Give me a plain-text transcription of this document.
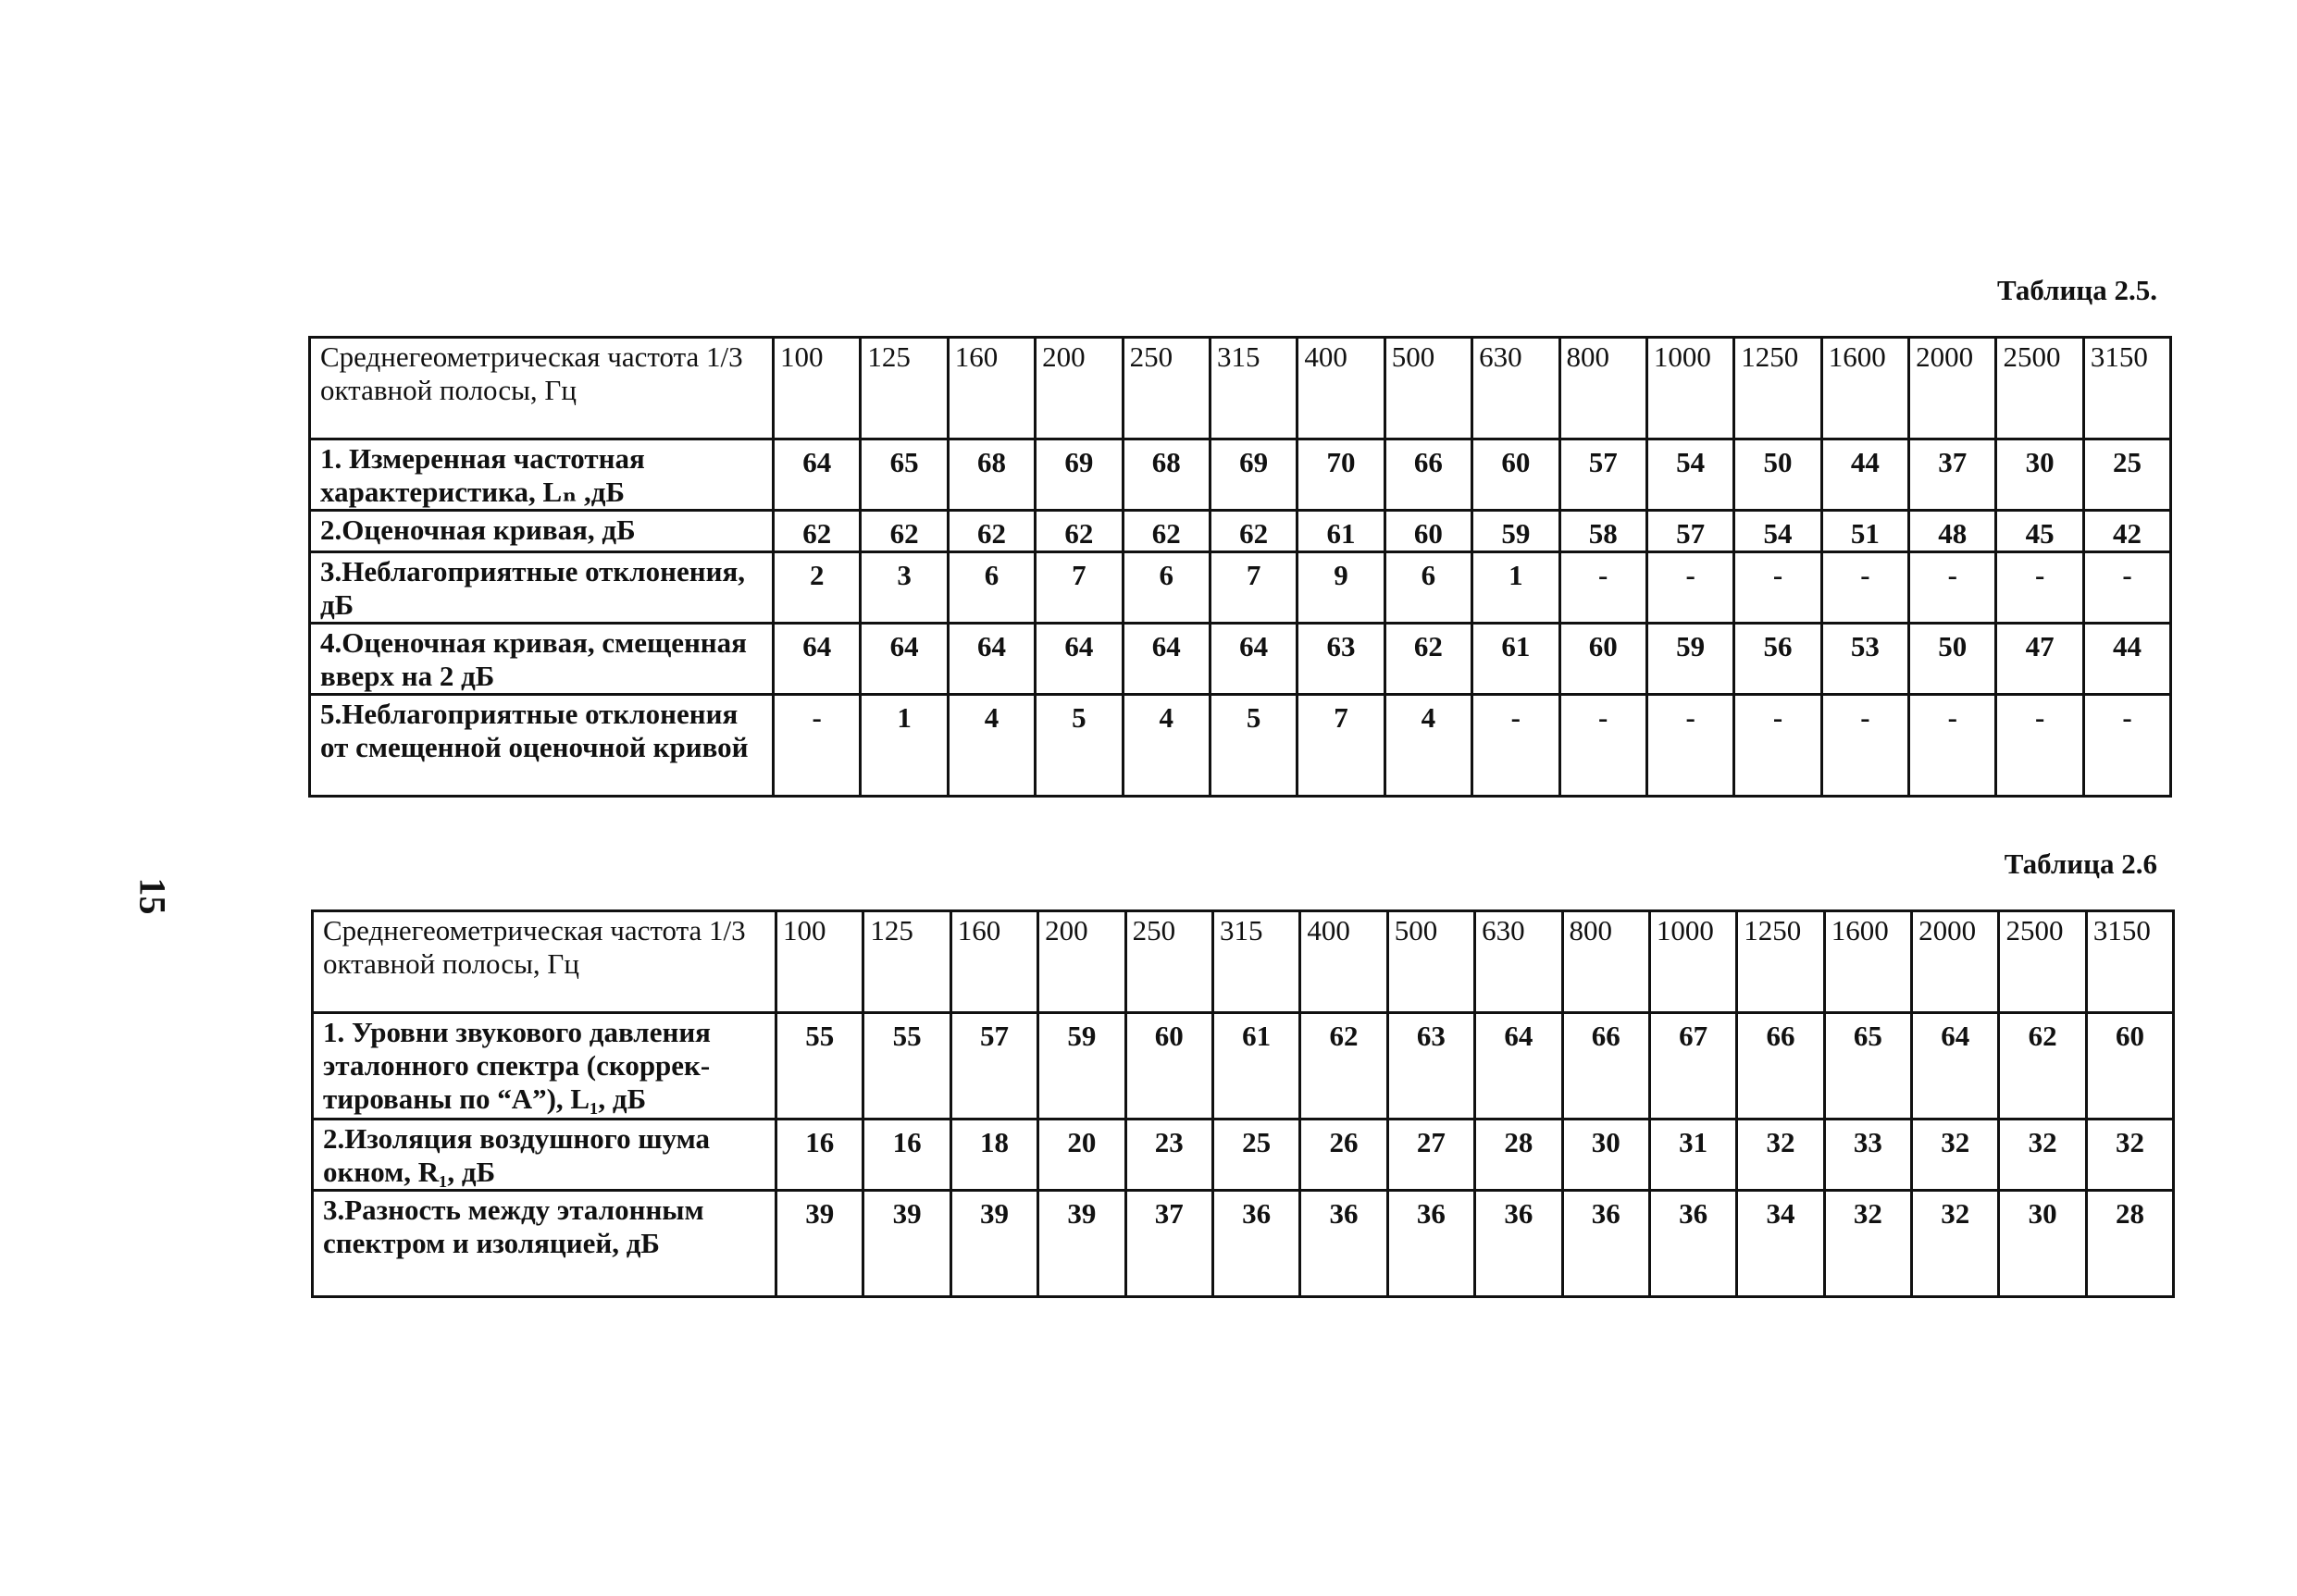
Таблица 2.5.
Среднегеометрическая частота 1/3 октавной полосы, Гц	100	125	160	200	250	315	400	500	630	800	1000	1250	1600	2000	2500	3150
1. Измеренная частотная характеристика, Lₙ ,дБ	64	65	68	69	68	69	70	66	60	57	54	50	44	37	30	25
2.Оценочная кривая, дБ	62	62	62	62	62	62	61	60	59	58	57	54	51	48	45	42
3.Неблагоприятные отклонения, дБ	2	3	6	7	6	7	9	6	1	-	-	-	-	-	-	-
4.Оценочная кривая, смещенная вверх на 2 дБ	64	64	64	64	64	64	63	62	61	60	59	56	53	50	47	44
5.Неблагоприятные отклонения от смещенной оценочной кривой	-	1	4	5	4	5	7	4	-	-	-	-	-	-	-	-
15
Таблица 2.6
Среднегеометрическая частота 1/3 октавной полосы, Гц	100	125	160	200	250	315	400	500	630	800	1000	1250	1600	2000	2500	3150
1. Уровни звукового давления эталонного спектра (скоррек-тированы по “А”), L₁, дБ	55	55	57	59	60	61	62	63	64	66	67	66	65	64	62	60
2.Изоляция воздушного шума окном, R₁, дБ	16	16	18	20	23	25	26	27	28	30	31	32	33	32	32	32
3.Разность между эталонным спектром и изоляцией, дБ	39	39	39	39	37	36	36	36	36	36	36	34	32	32	30	28
